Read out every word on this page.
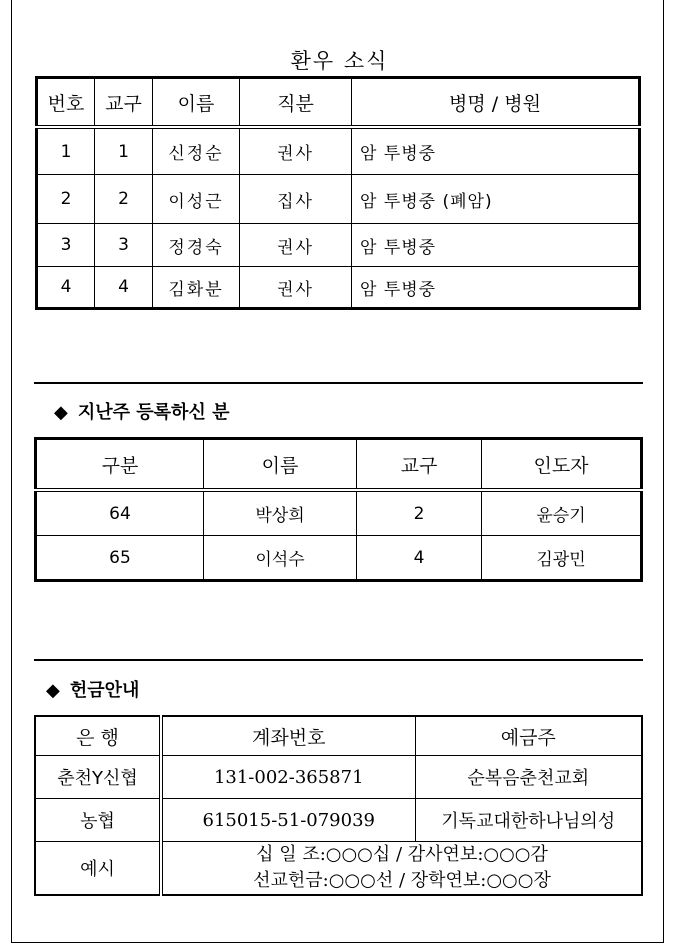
환우 소식
번호	교구	이름	직분	병명 / 병원
1	1	신정순	권사	암 투병중
2	2	이성근	집사	암 투병중 (폐암)
3	3	정경숙	권사	암 투병중
4	4	김화분	권사	암 투병중
◆ 지난주 등록하신 분
구분	이름	교구	인도자
64	박상희	2	윤승기
65	이석수	4	김광민
◆ 헌금안내
은 행	계좌번호	예금주
춘천Y신협	131-002-365871	순복음춘천교회
농협	615015-51-079039	기독교대한하나님의성
예시	십 일 조:○○○십 / 감사연보:○○○감
선교헌금:○○○선 / 장학연보:○○○장	
